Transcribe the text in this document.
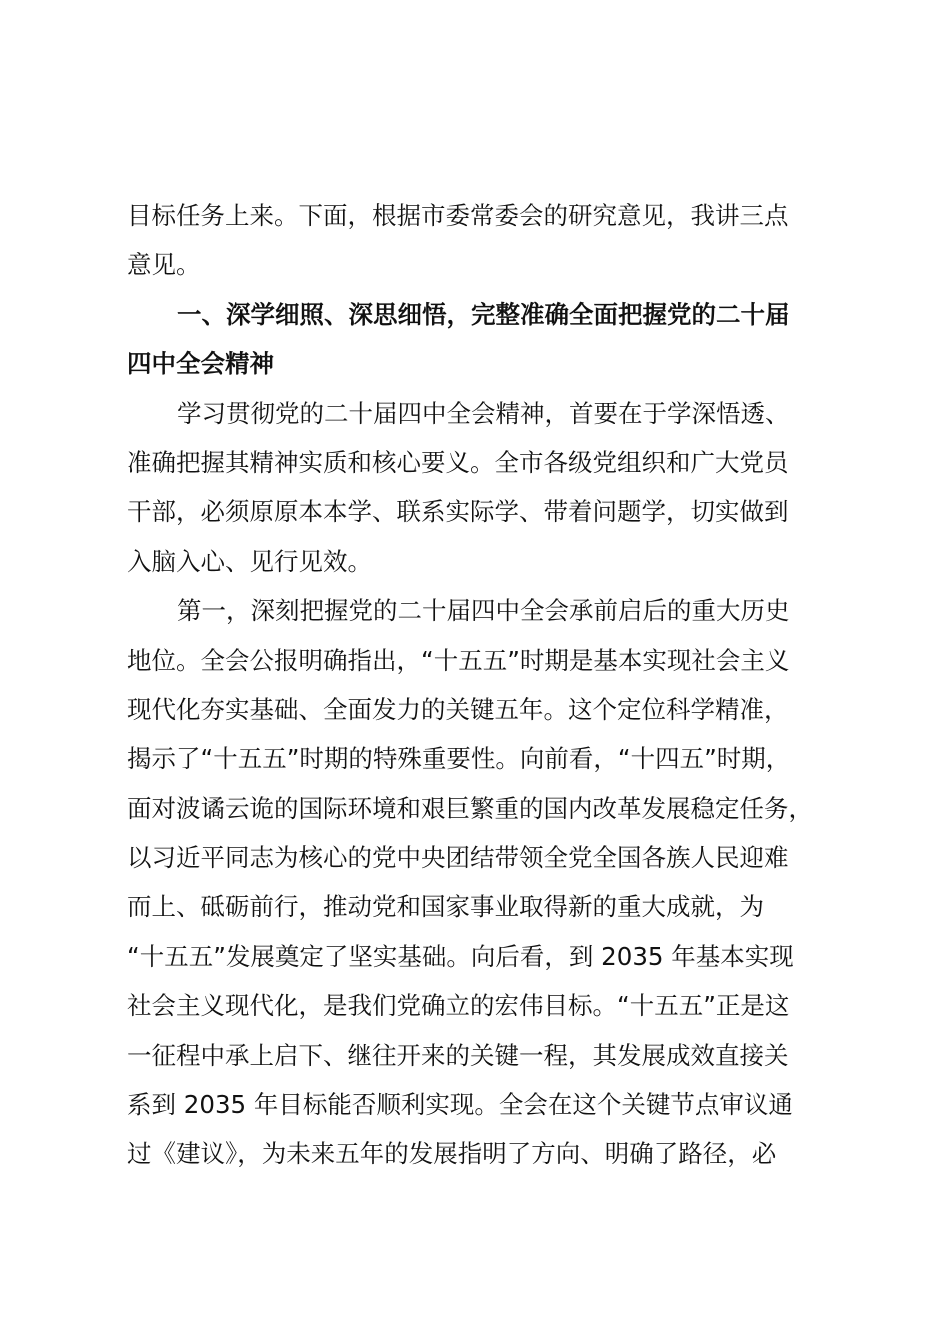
目标任务上来。下面，根据市委常委会的研究意见，我讲三点
意见。
一、深学细照、深思细悟，完整准确全面把握党的二十届
四中全会精神
学习贯彻党的二十届四中全会精神，首要在于学深悟透、
准确把握其精神实质和核心要义。全市各级党组织和广大党员
干部，必须原原本本学、联系实际学、带着问题学，切实做到
入脑入心、见行见效。
第一，深刻把握党的二十届四中全会承前启后的重大历史
地位。全会公报明确指出，“十五五”时期是基本实现社会主义
现代化夯实基础、全面发力的关键五年。这个定位科学精准，
揭示了“十五五”时期的特殊重要性。向前看，“十四五”时期，
面对波谲云诡的国际环境和艰巨繁重的国内改革发展稳定任务，
以习近平同志为核心的党中央团结带领全党全国各族人民迎难
而上、砥砺前行，推动党和国家事业取得新的重大成就，为
“十五五”发展奠定了坚实基础。向后看，到 2035 年基本实现
社会主义现代化，是我们党确立的宏伟目标。“十五五”正是这
一征程中承上启下、继往开来的关键一程，其发展成效直接关
系到 2035 年目标能否顺利实现。全会在这个关键节点审议通
过《建议》，为未来五年的发展指明了方向、明确了路径，必
